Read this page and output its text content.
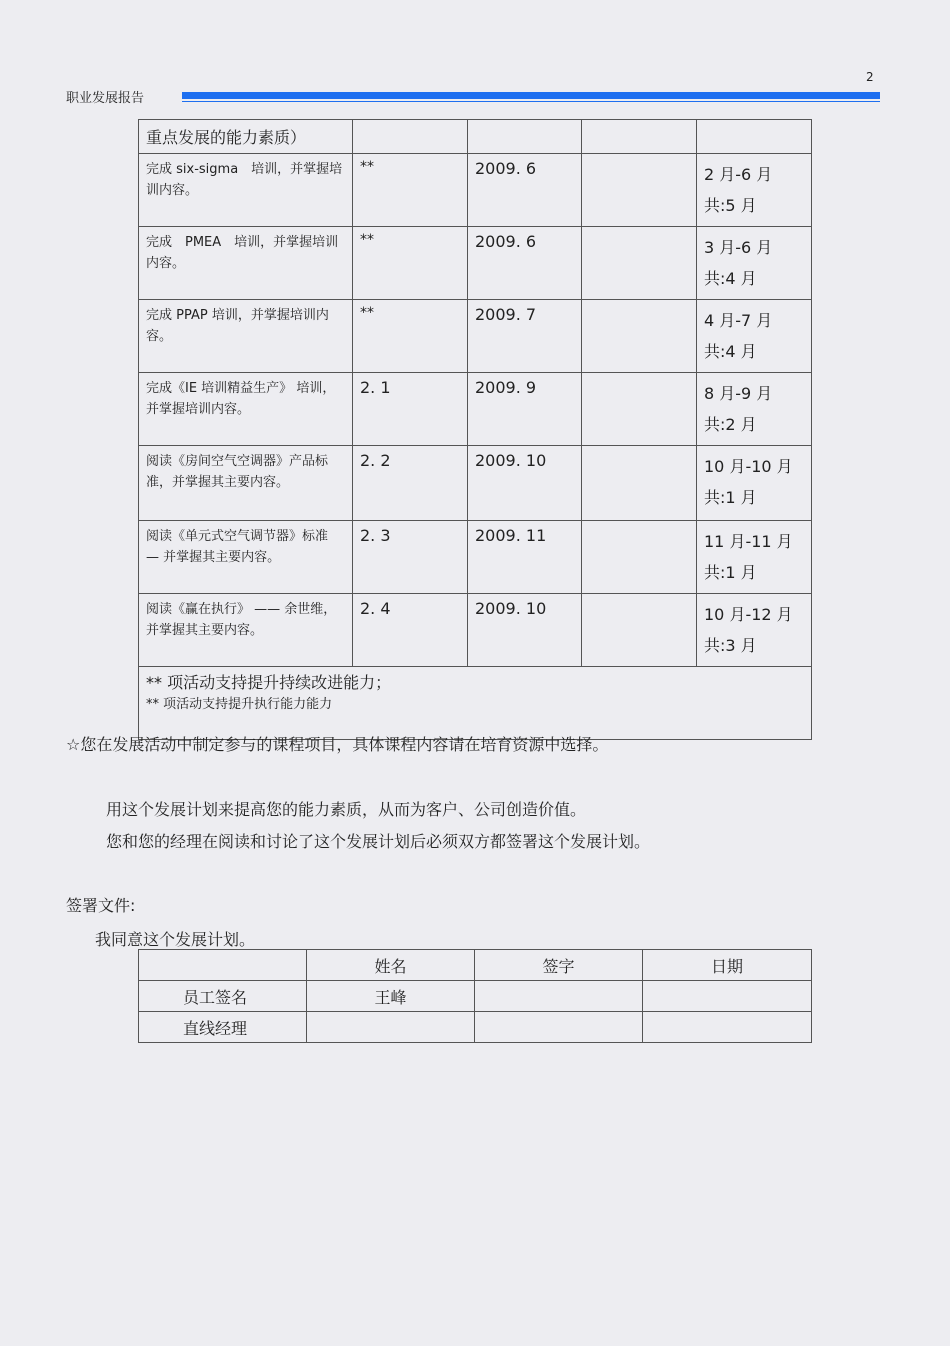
2
职业发展报告
重点发展的能力素质）				
完成 six-sigma　培训，并掌握培训内容。	**	2009. 6		2 月-6 月
共:5 月

完成　PMEA　培训，并掌握培训内容。	**	2009. 6		3 月-6 月
共:4 月

完成 PPAP 培训，并掌握培训内容。	**	2009. 7		4 月-7 月
共:4 月

完成《IE 培训精益生产》 培训，并掌握培训内容。	2. 1	2009. 9		8 月-9 月
共:2 月

阅读《房间空气空调器》产品标准，并掌握其主要内容。	2. 2	2009. 10		10 月-10 月
共:1 月

阅读《单元式空气调节器》标准 — 并掌握其主要内容。	2. 3	2009. 11		11 月-11 月
共:1 月

阅读《赢在执行》 —— 余世维，并掌握其主要内容。	2. 4	2009. 10		10 月-12 月
共:3 月

** 项活动支持提升持续改进能力；
** 项活动支持提升执行能力能力				
☆您在发展活动中制定参与的课程项目，具体课程内容请在培育资源中选择。
用这个发展计划来提高您的能力素质，从而为客户、公司创造价值。
您和您的经理在阅读和讨论了这个发展计划后必须双方都签署这个发展计划。
签署文件:
我同意这个发展计划。
	姓名	签字	日期
员工签名	王峰		
直线经理			
